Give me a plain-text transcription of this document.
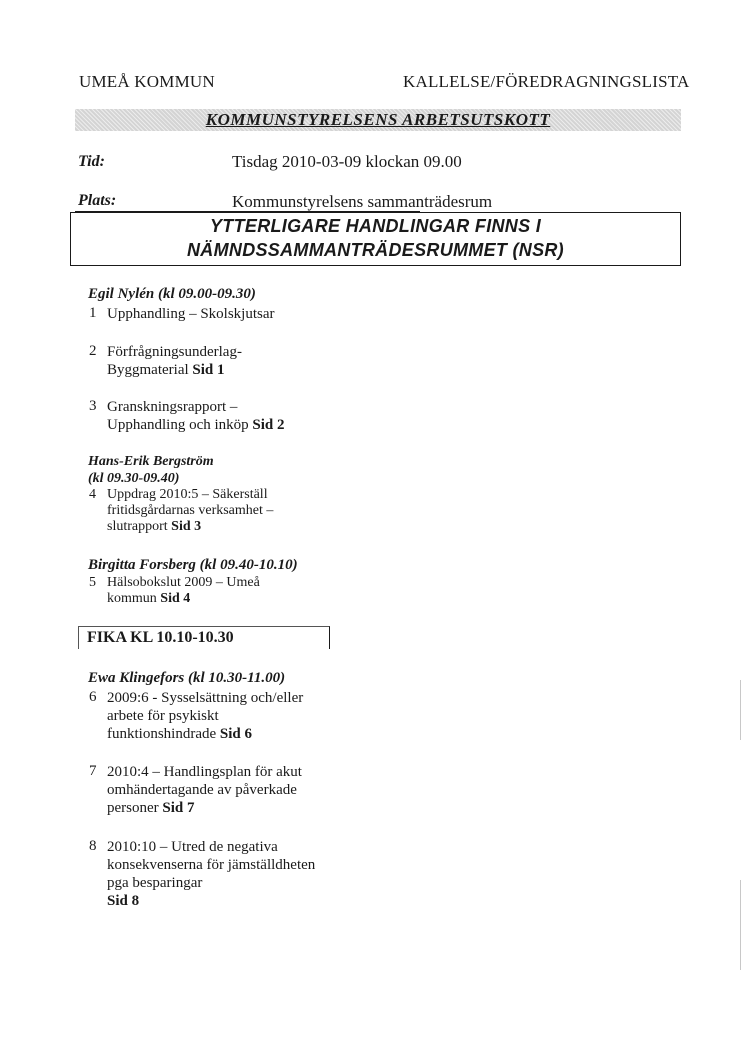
UMEÅ KOMMUN	KALLELSE/FÖREDRAGNINGSLISTA
KOMMUNSTYRELSENS ARBETSUTSKOTT
Tid:	Tisdag 2010-03-09 klockan 09.00
Plats:	Kommunstyrelsens sammanträdesrum
YTTERLIGARE HANDLINGAR FINNS I
NÄMNDSSAMMANTRÄDESRUMMET (NSR)
Egil Nylén (kl 09.00-09.30)
1 Upphandling – Skolskjutsar
2 Förfrågningsunderlag- Byggmaterial Sid 1
3 Granskningsrapport – Upphandling och inköp Sid 2
Hans-Erik Bergström
(kl 09.30-09.40)
4 Uppdrag 2010:5 – Säkerställ fritidsgårdarnas verksamhet – slutrapport Sid 3
Birgitta Forsberg (kl 09.40-10.10)
5 Hälsobokslut 2009 – Umeå kommun Sid 4
FIKA KL 10.10-10.30
Ewa Klingefors (kl 10.30-11.00)
6 2009:6 - Sysselsättning och/eller arbete för psykiskt funktionshindrade Sid 6
7 2010:4 – Handlingsplan för akut omhändertagande av påverkade personer Sid 7
8 2010:10 – Utred de negativa konsekvenserna för jämställdheten pga besparingar
Sid 8
